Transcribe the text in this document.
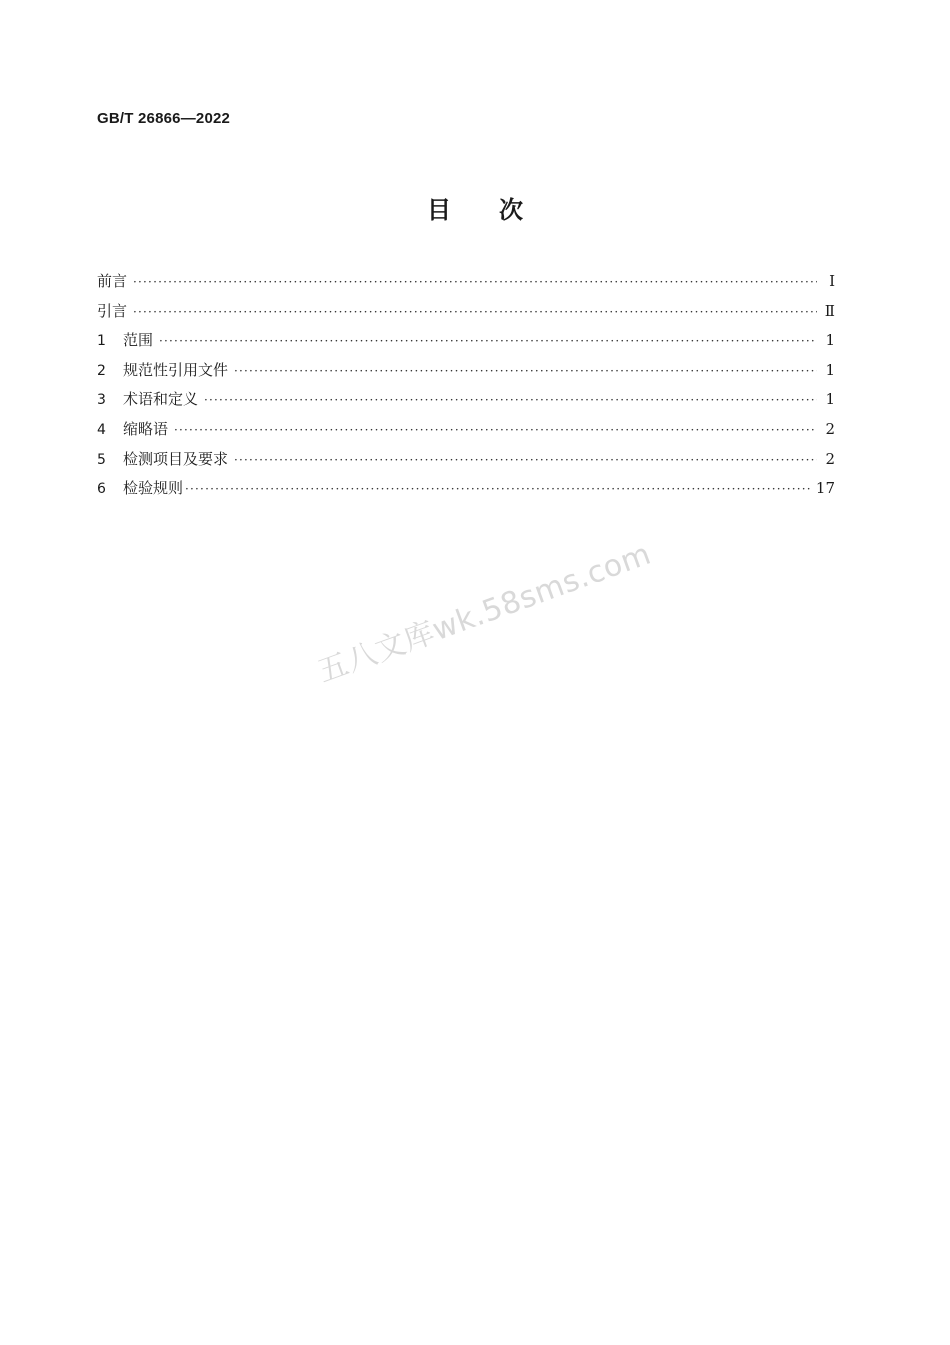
GB/T 26866—2022
目 次
前言 ·····	Ⅰ
引言 ·····	Ⅱ
1	范围 ·····	1
2	规范性引用文件 ·····	1
3	术语和定义 ·····	1
4	缩略语 ·····	2
5	检测项目及要求 ·····	2
6	检验规则 ·····	17
五八文库wk.58sms.com
